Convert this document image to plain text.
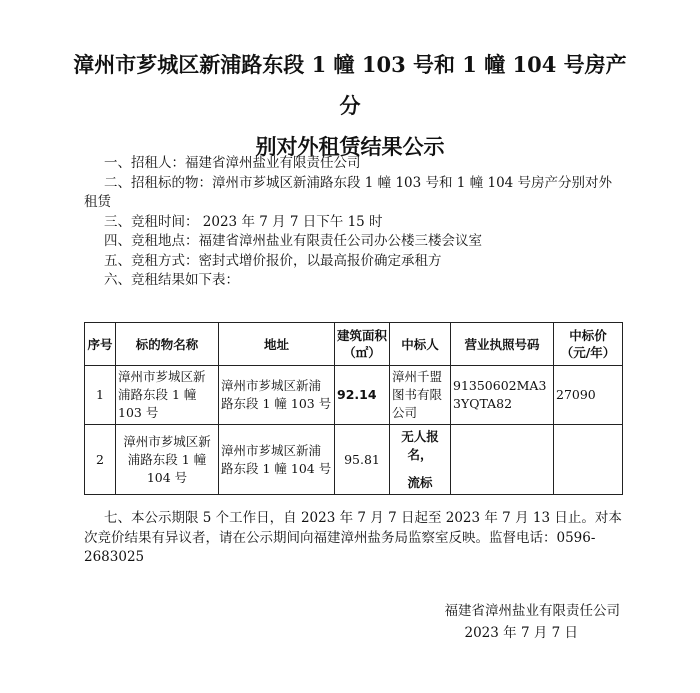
漳州市芗城区新浦路东段 1 幢 103 号和 1 幢 104 号房产分
别对外租赁结果公示

一、招租人：福建省漳州盐业有限责任公司

二、招租标的物：漳州市芗城区新浦路东段 1 幢 103 号和 1 幢 104 号房产分别对外

租赁

三、竞租时间： 2023 年 7 月 7 日下午 15 时

四、竞租地点：福建省漳州盐业有限责任公司办公楼三楼会议室

五、竞租方式：密封式增价报价，以最高报价确定承租方

六、竞租结果如下表：

序号	标的物名称	地址	建筑面积（㎡）	中标人	营业执照号码	中标价（元/年）
1	漳州市芗城区新浦路东段 1 幢 103 号	漳州市芗城区新浦路东段 1 幢 103 号	92.14	漳州千盟图书有限公司	91350602MA33YQTA82	27090
2	漳州市芗城区新浦路东段 1 幢 104 号	漳州市芗城区新浦路东段 1 幢 104 号	95.81	无人报名，
流标		

七、本公示期限 5 个工作日，自 2023 年 7 月 7 日起至 2023 年 7 月 13 日止。对本次竞价结果有异议者，请在公示期间向福建漳州盐务局监察室反映。监督电话：0596-2683025

福建省漳州盐业有限责任公司

2023 年 7 月 7 日
